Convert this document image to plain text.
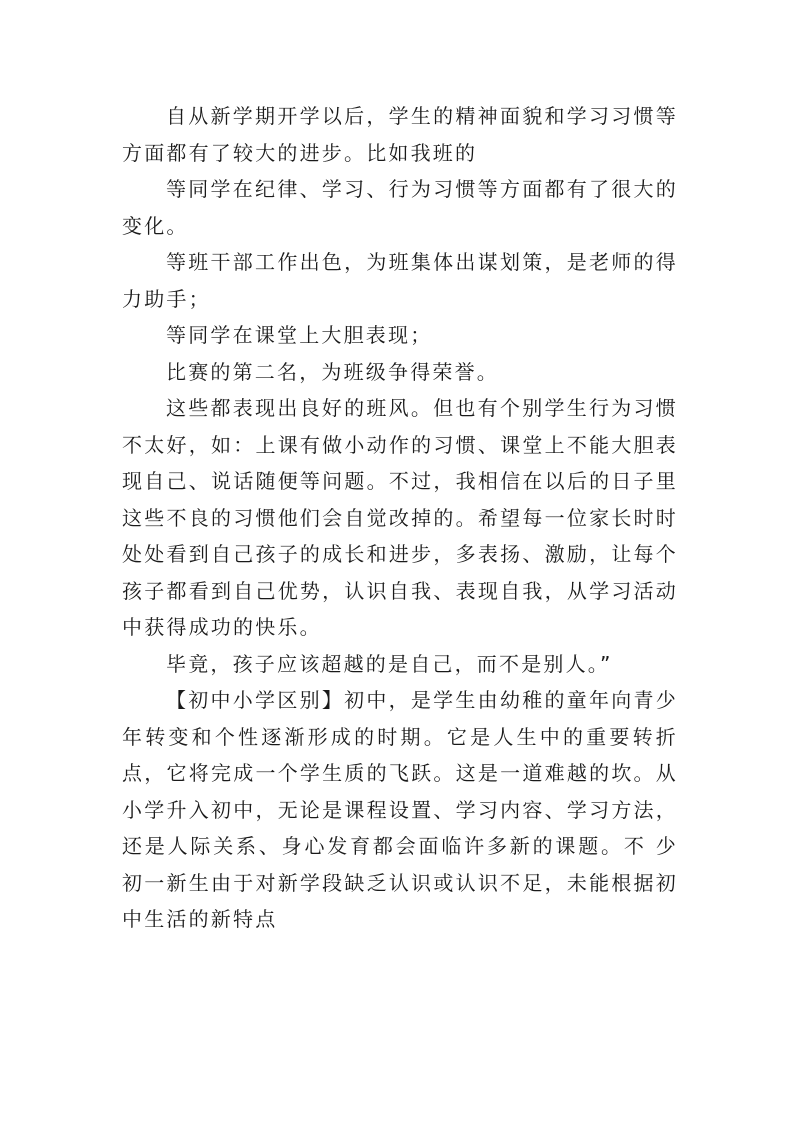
自从新学期开学以后，学生的精神面貌和学习习惯等方面都有了较大的进步。比如我班的

等同学在纪律、学习、行为习惯等方面都有了很大的变化。

等班干部工作出色，为班集体出谋划策，是老师的得力助手；

等同学在课堂上大胆表现；

比赛的第二名，为班级争得荣誉。

这些都表现出良好的班风。但也有个别学生行为习惯不太好，如：上课有做小动作的习惯、课堂上不能大胆表现自己、说话随便等问题。不过，我相信在以后的日子里这些不良的习惯他们会自觉改掉的。希望每一位家长时时处处看到自己孩子的成长和进步，多表扬、激励，让每个孩子都看到自己优势，认识自我、表现自我，从学习活动中获得成功的快乐。

毕竟，孩子应该超越的是自己，而不是别人。”

【初中小学区别】初中，是学生由幼稚的童年向青少年转变和个性逐渐形成的时期。它是人生中的重要转折点，它将完成一个学生质的飞跃。这是一道难越的坎。从小学升入初中，无论是课程设置、学习内容、学习方法，还是人际关系、身心发育都会面临许多新的课题。不 少初一新生由于对新学段缺乏认识或认识不足，未能根据初中生活的新特点
